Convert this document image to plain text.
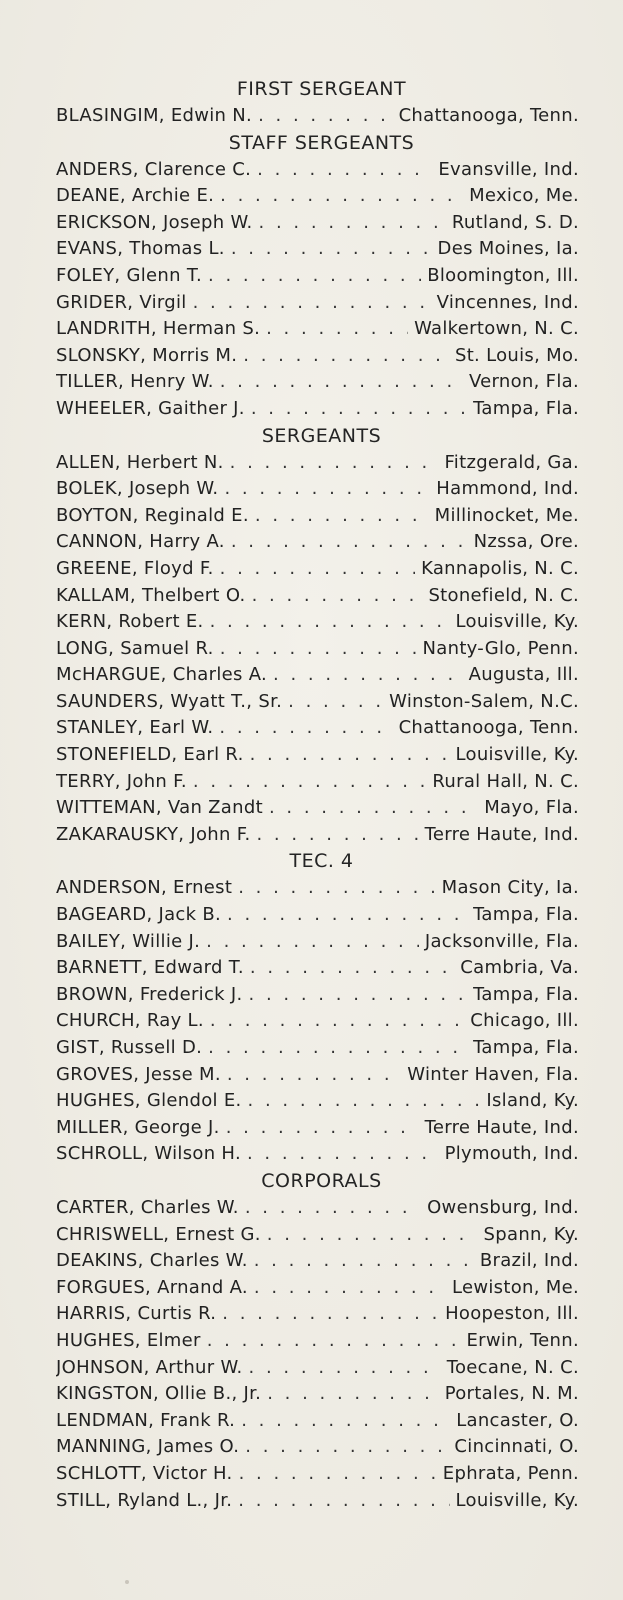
FIRST SERGEANT
BLASINGIM, Edwin N. . . .	Chattanooga, Tenn.
STAFF SERGEANTS
ANDERS, Clarence C. . . .	Evansville, Ind.
DEANE, Archie E. . . .	Mexico, Me.
ERICKSON, Joseph W. . . .	Rutland, S. D.
EVANS, Thomas L. . . .	Des Moines, Ia.
FOLEY, Glenn T. . . .	Bloomington, Ill.
GRIDER, Virgil . . .	Vincennes, Ind.
LANDRITH, Herman S. . . .	Walkertown, N. C.
SLONSKY, Morris M. . . .	St. Louis, Mo.
TILLER, Henry W. . . .	Vernon, Fla.
WHEELER, Gaither J. . . .	Tampa, Fla.
SERGEANTS
ALLEN, Herbert N. . . .	Fitzgerald, Ga.
BOLEK, Joseph W. . . .	Hammond, Ind.
BOYTON, Reginald E. . . .	Millinocket, Me.
CANNON, Harry A. . . .	Nzssa, Ore.
GREENE, Floyd F. . . .	Kannapolis, N. C.
KALLAM, Thelbert O. . . .	Stonefield, N. C.
KERN, Robert E. . . .	Louisville, Ky.
LONG, Samuel R. . . .	Nanty-Glo, Penn.
McHARGUE, Charles A. . . .	Augusta, Ill.
SAUNDERS, Wyatt T., Sr. . . .	Winston-Salem, N.C.
STANLEY, Earl W. . . .	Chattanooga, Tenn.
STONEFIELD, Earl R. . . .	Louisville, Ky.
TERRY, John F. . . .	Rural Hall, N. C.
WITTEMAN, Van Zandt . . .	Mayo, Fla.
ZAKARAUSKY, John F. . . .	Terre Haute, Ind.
TEC. 4
ANDERSON, Ernest . . .	Mason City, Ia.
BAGEARD, Jack B. . . .	Tampa, Fla.
BAILEY, Willie J. . . .	Jacksonville, Fla.
BARNETT, Edward T. . . .	Cambria, Va.
BROWN, Frederick J. . . .	Tampa, Fla.
CHURCH, Ray L. . . .	Chicago, Ill.
GIST, Russell D. . . .	Tampa, Fla.
GROVES, Jesse M. . . .	Winter Haven, Fla.
HUGHES, Glendol E. . . .	Island, Ky.
MILLER, George J. . . .	Terre Haute, Ind.
SCHROLL, Wilson H. . . .	Plymouth, Ind.
CORPORALS
CARTER, Charles W. . . .	Owensburg, Ind.
CHRISWELL, Ernest G. . . .	Spann, Ky.
DEAKINS, Charles W. . . .	Brazil, Ind.
FORGUES, Arnand A. . . .	Lewiston, Me.
HARRIS, Curtis R. . . .	Hoopeston, Ill.
HUGHES, Elmer . . .	Erwin, Tenn.
JOHNSON, Arthur W. . . .	Toecane, N. C.
KINGSTON, Ollie B., Jr. . . .	Portales, N. M.
LENDMAN, Frank R. . . .	Lancaster, O.
MANNING, James O. . . .	Cincinnati, O.
SCHLOTT, Victor H. . . .	Ephrata, Penn.
STILL, Ryland L., Jr. . . .	Louisville, Ky.
